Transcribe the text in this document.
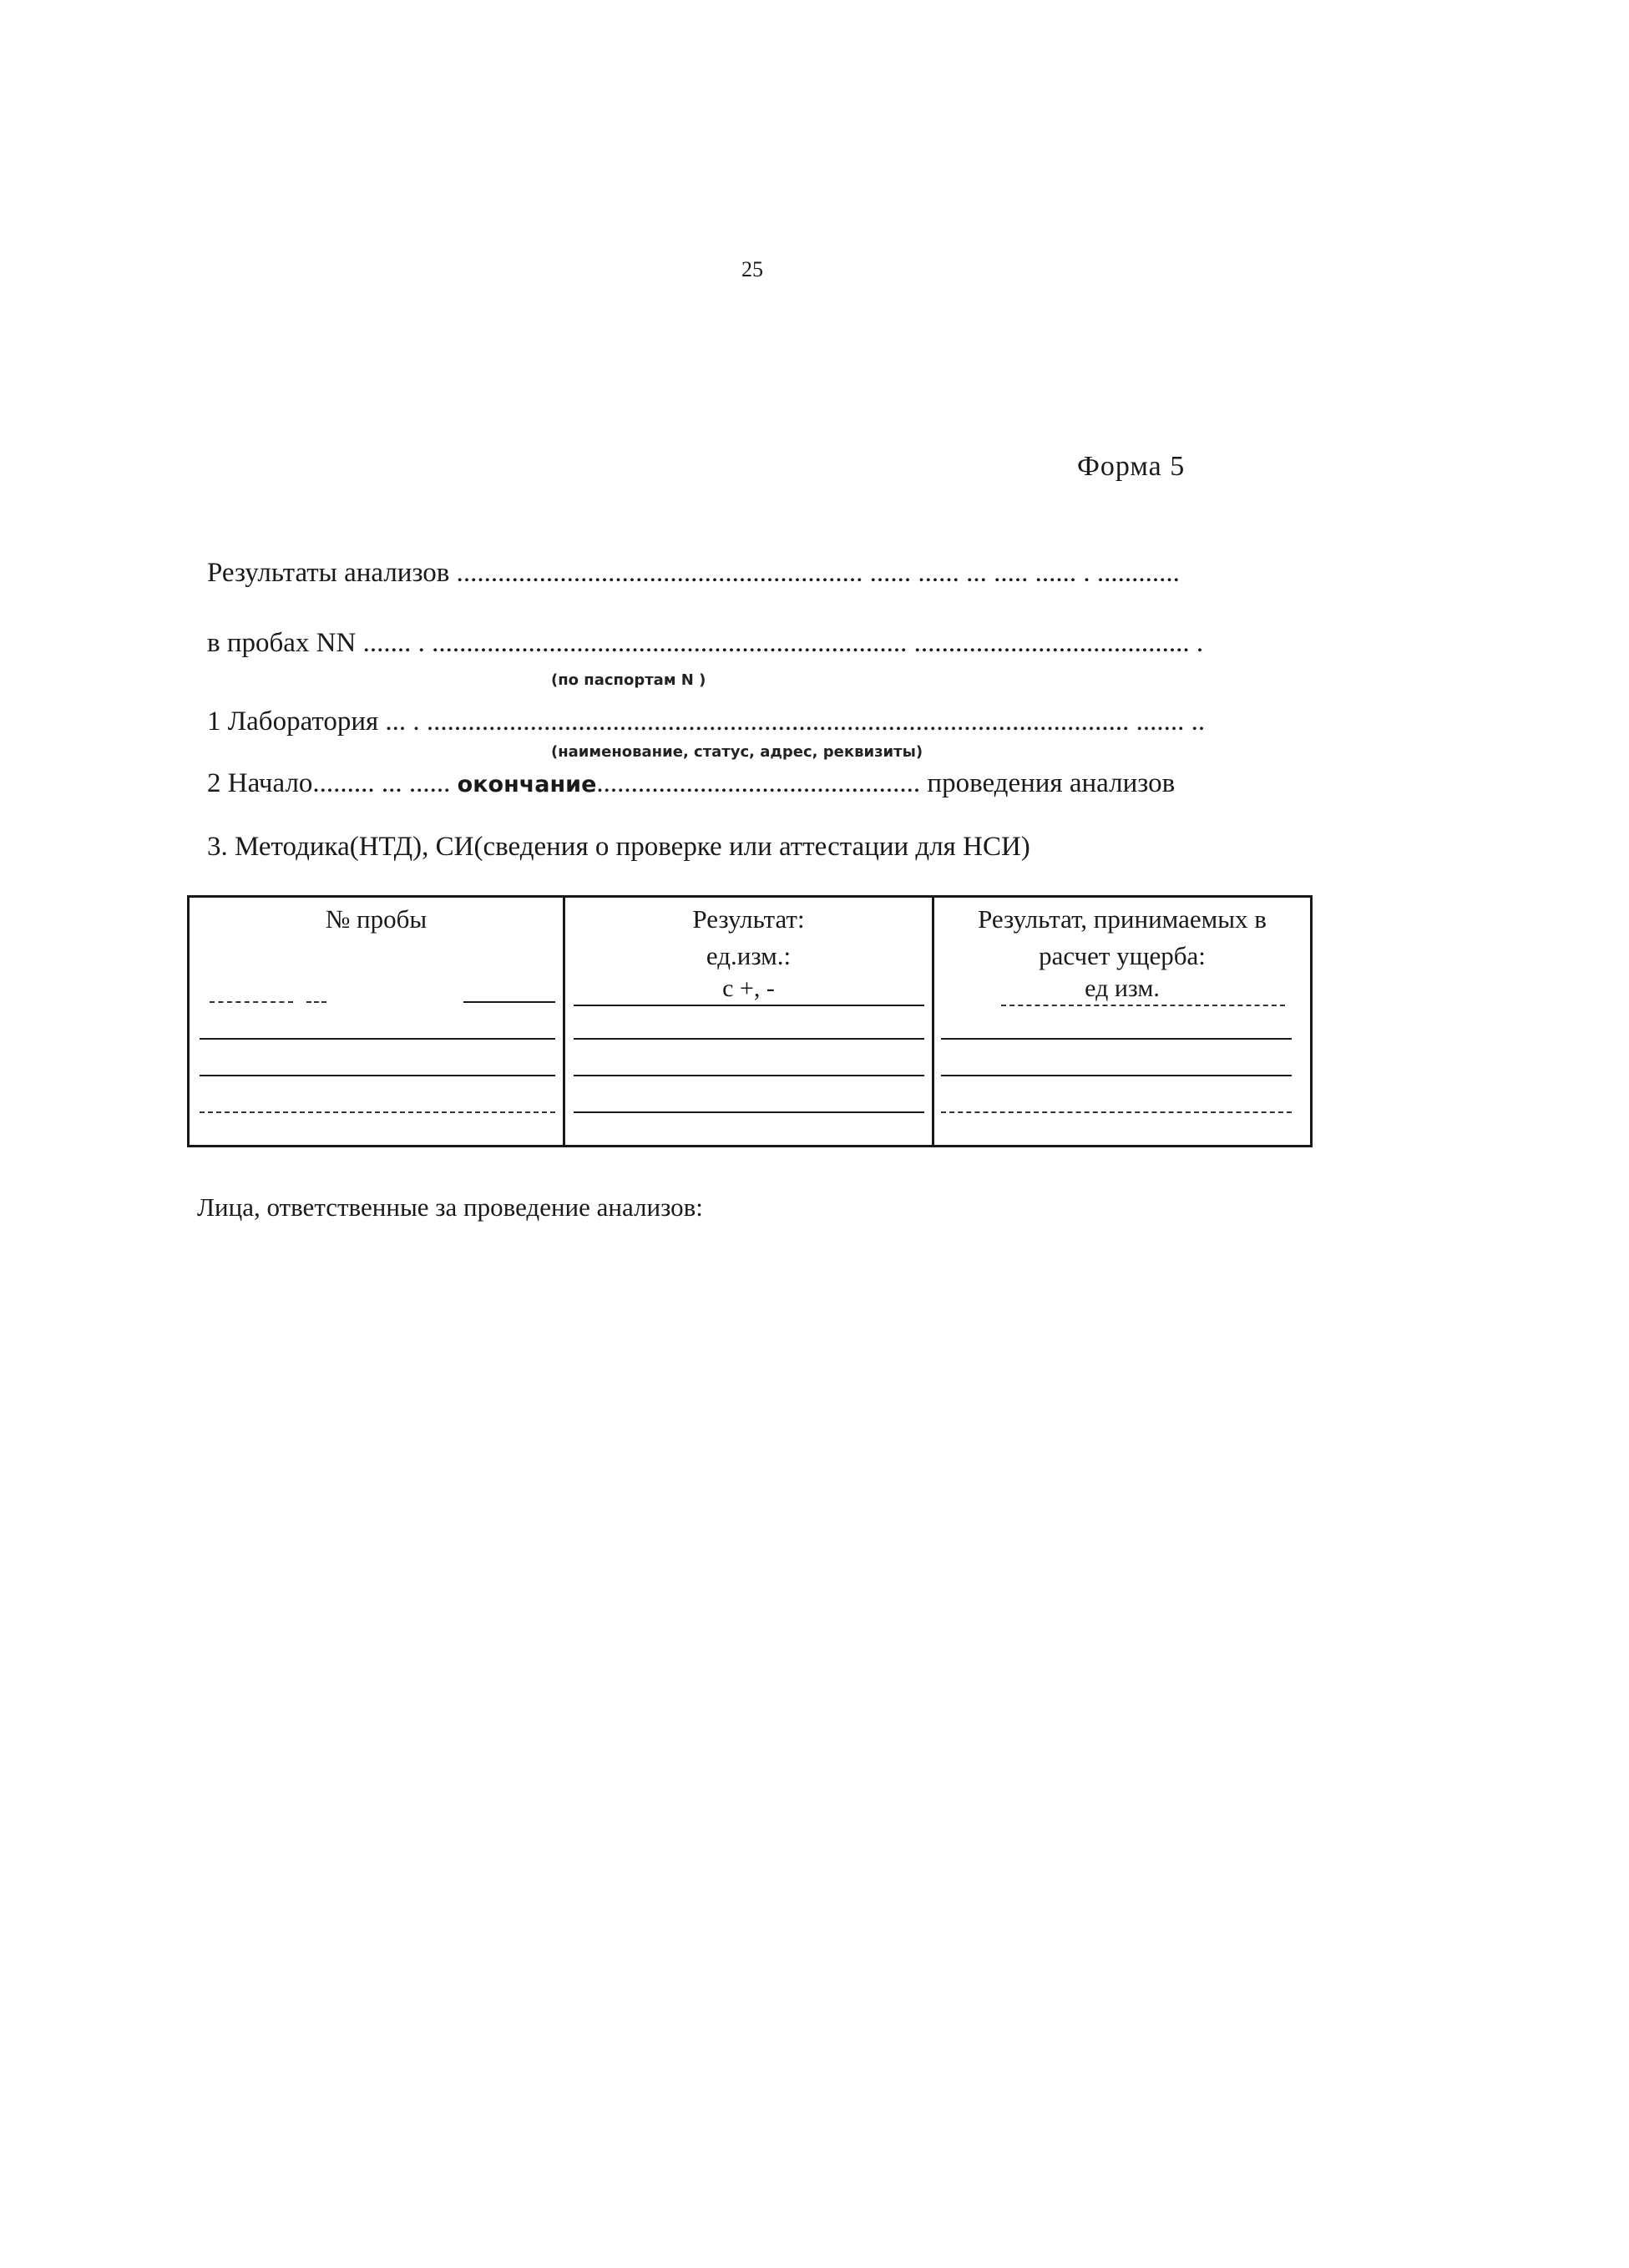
25
Форма 5
Результаты анализов ........................................................... ...... ...... ... ..... ...... . ............
в пробах NN ....... . ..................................................................... ........................................ .
(по паспортам N )
1 Лаборатория ... . ...................................................................................................... ....... ..
(наименование, статус, адрес, реквизиты)
2 Начало......... ... ...... окончание............................................... проведения анализов
3. Методика(НТД), СИ(сведения о проверке или аттестации для НСИ)
№ пробы	Результат:
ед.изм.:
c +, -
Результат, принимаемых в
расчет ущерба:
ед изм.
Лица, ответственные за проведение анализов:
